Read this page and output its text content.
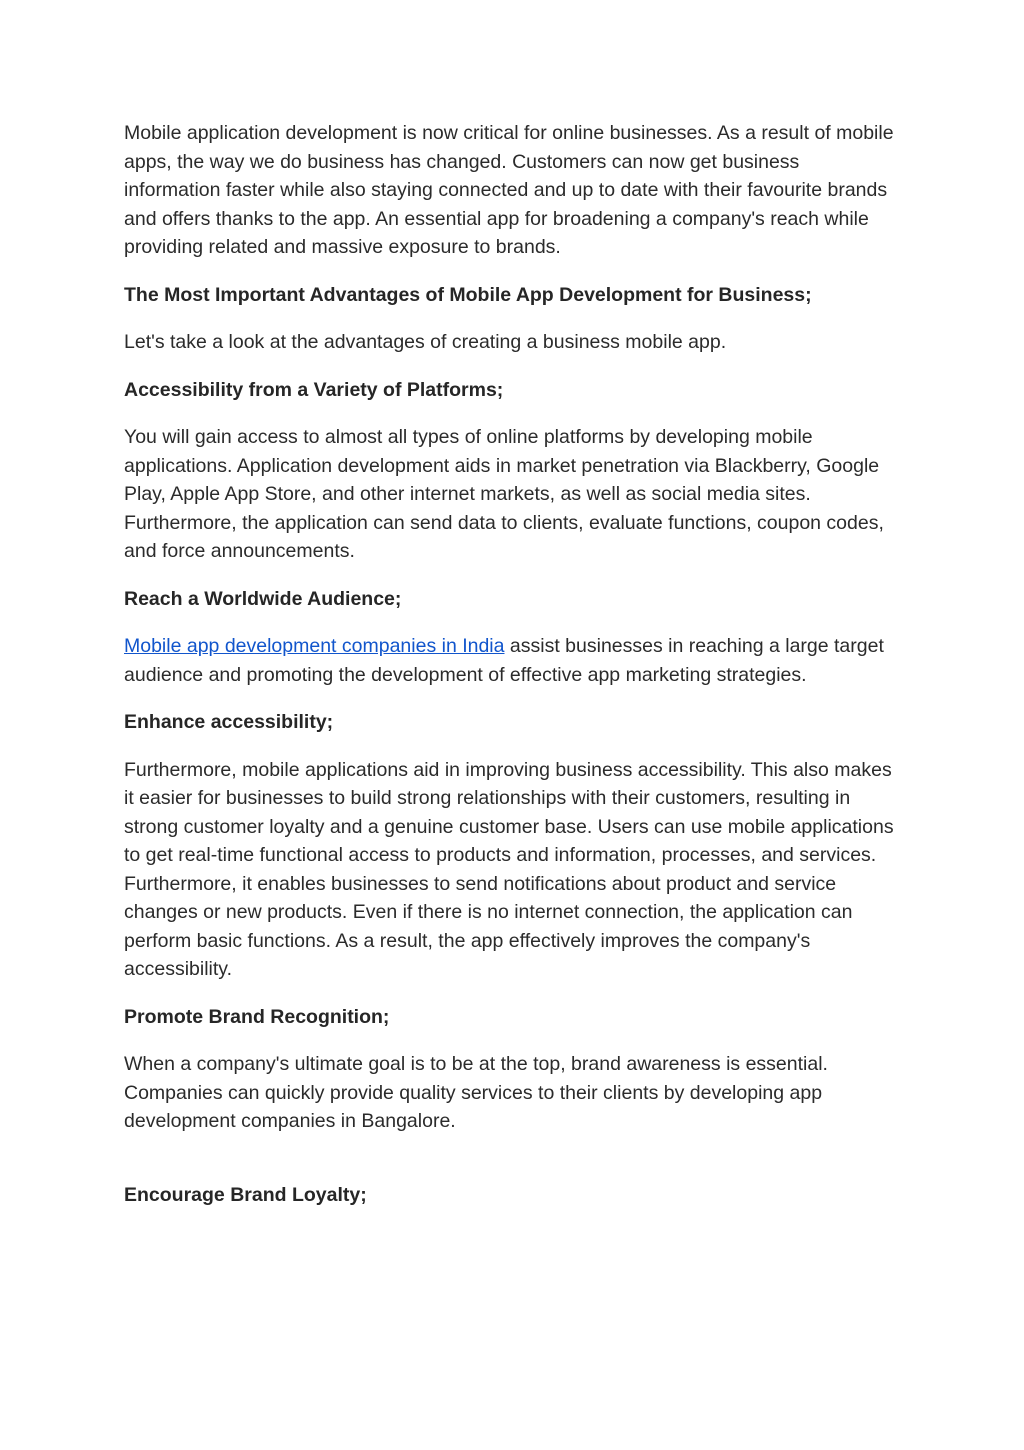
Mobile application development is now critical for online businesses. As a result of mobile apps, the way we do business has changed. Customers can now get business information faster while also staying connected and up to date with their favourite brands and offers thanks to the app. An essential app for broadening a company's reach while providing related and massive exposure to brands.

The Most Important Advantages of Mobile App Development for Business;

Let's take a look at the advantages of creating a business mobile app.

Accessibility from a Variety of Platforms;

You will gain access to almost all types of online platforms by developing mobile applications. Application development aids in market penetration via Blackberry, Google Play, Apple App Store, and other internet markets, as well as social media sites. Furthermore, the application can send data to clients, evaluate functions, coupon codes, and force announcements.

Reach a Worldwide Audience;

Mobile app development companies in India assist businesses in reaching a large target audience and promoting the development of effective app marketing strategies.

Enhance accessibility;

Furthermore, mobile applications aid in improving business accessibility. This also makes it easier for businesses to build strong relationships with their customers, resulting in strong customer loyalty and a genuine customer base. Users can use mobile applications to get real-time functional access to products and information, processes, and services. Furthermore, it enables businesses to send notifications about product and service changes or new products. Even if there is no internet connection, the application can perform basic functions. As a result, the app effectively improves the company's accessibility.

Promote Brand Recognition;

When a company's ultimate goal is to be at the top, brand awareness is essential. Companies can quickly provide quality services to their clients by developing app development companies in Bangalore.

Encourage Brand Loyalty;
